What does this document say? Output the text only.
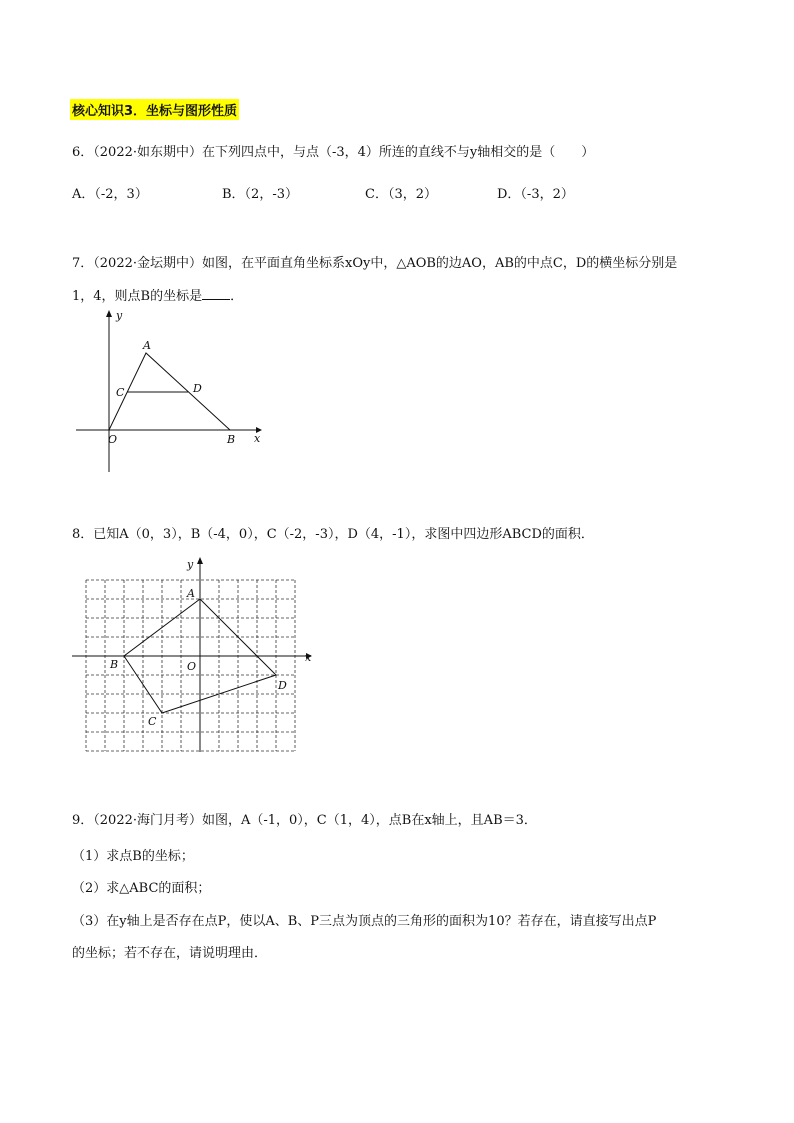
核心知识3．坐标与图形性质
6．（2022·如东期中）在下列四点中，与点（-3，4）所连的直线不与y轴相交的是（　　）
A．（-2，3）	B．（2，-3）	C．（3，2）	D．（-3，2）
7．（2022·金坛期中）如图，在平面直角坐标系xOy中，△AOB的边AO，AB的中点C，D的横坐标分别是
1，4，则点B的坐标是 ．
y
x
A
C	D
O	B
8．已知A（0，3），B（-4，0），C（-2，-3），D（4，-1），求图中四边形ABCD的面积．
y
x
A
B
C
D
O
9．（2022·海门月考）如图，A（-1，0），C（1，4），点B在x轴上，且AB＝3．
（1）求点B的坐标；
（2）求△ABC的面积；
（3）在y轴上是否存在点P，使以A、B、P三点为顶点的三角形的面积为10？若存在，请直接写出点P
的坐标；若不存在，请说明理由．
